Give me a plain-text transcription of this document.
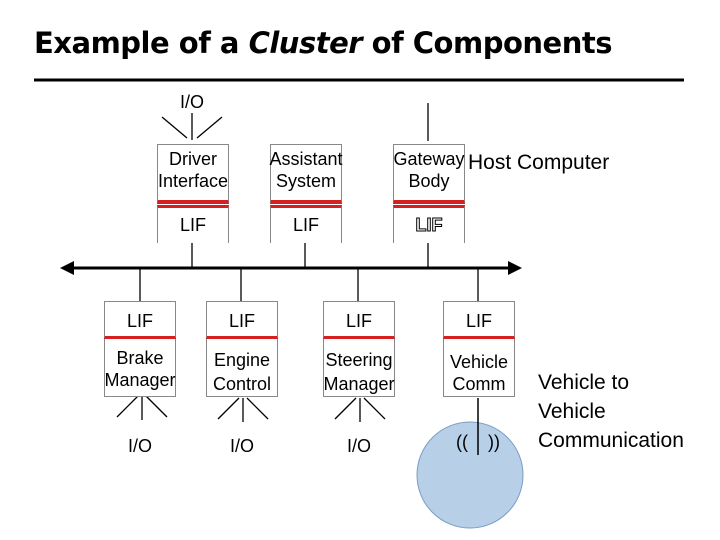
Example of a Cluster of Components
I/O
Driver
Interface
LIF
Assistant
System
LIF
Gateway
Body
LIF
Host Computer
LIF
Brake
Manager
I/O
LIF
Engine
Control
I/O
LIF
Steering
Manager
I/O
LIF
Vehicle
Comm
((    ))
Vehicle to
Vehicle
Communication
